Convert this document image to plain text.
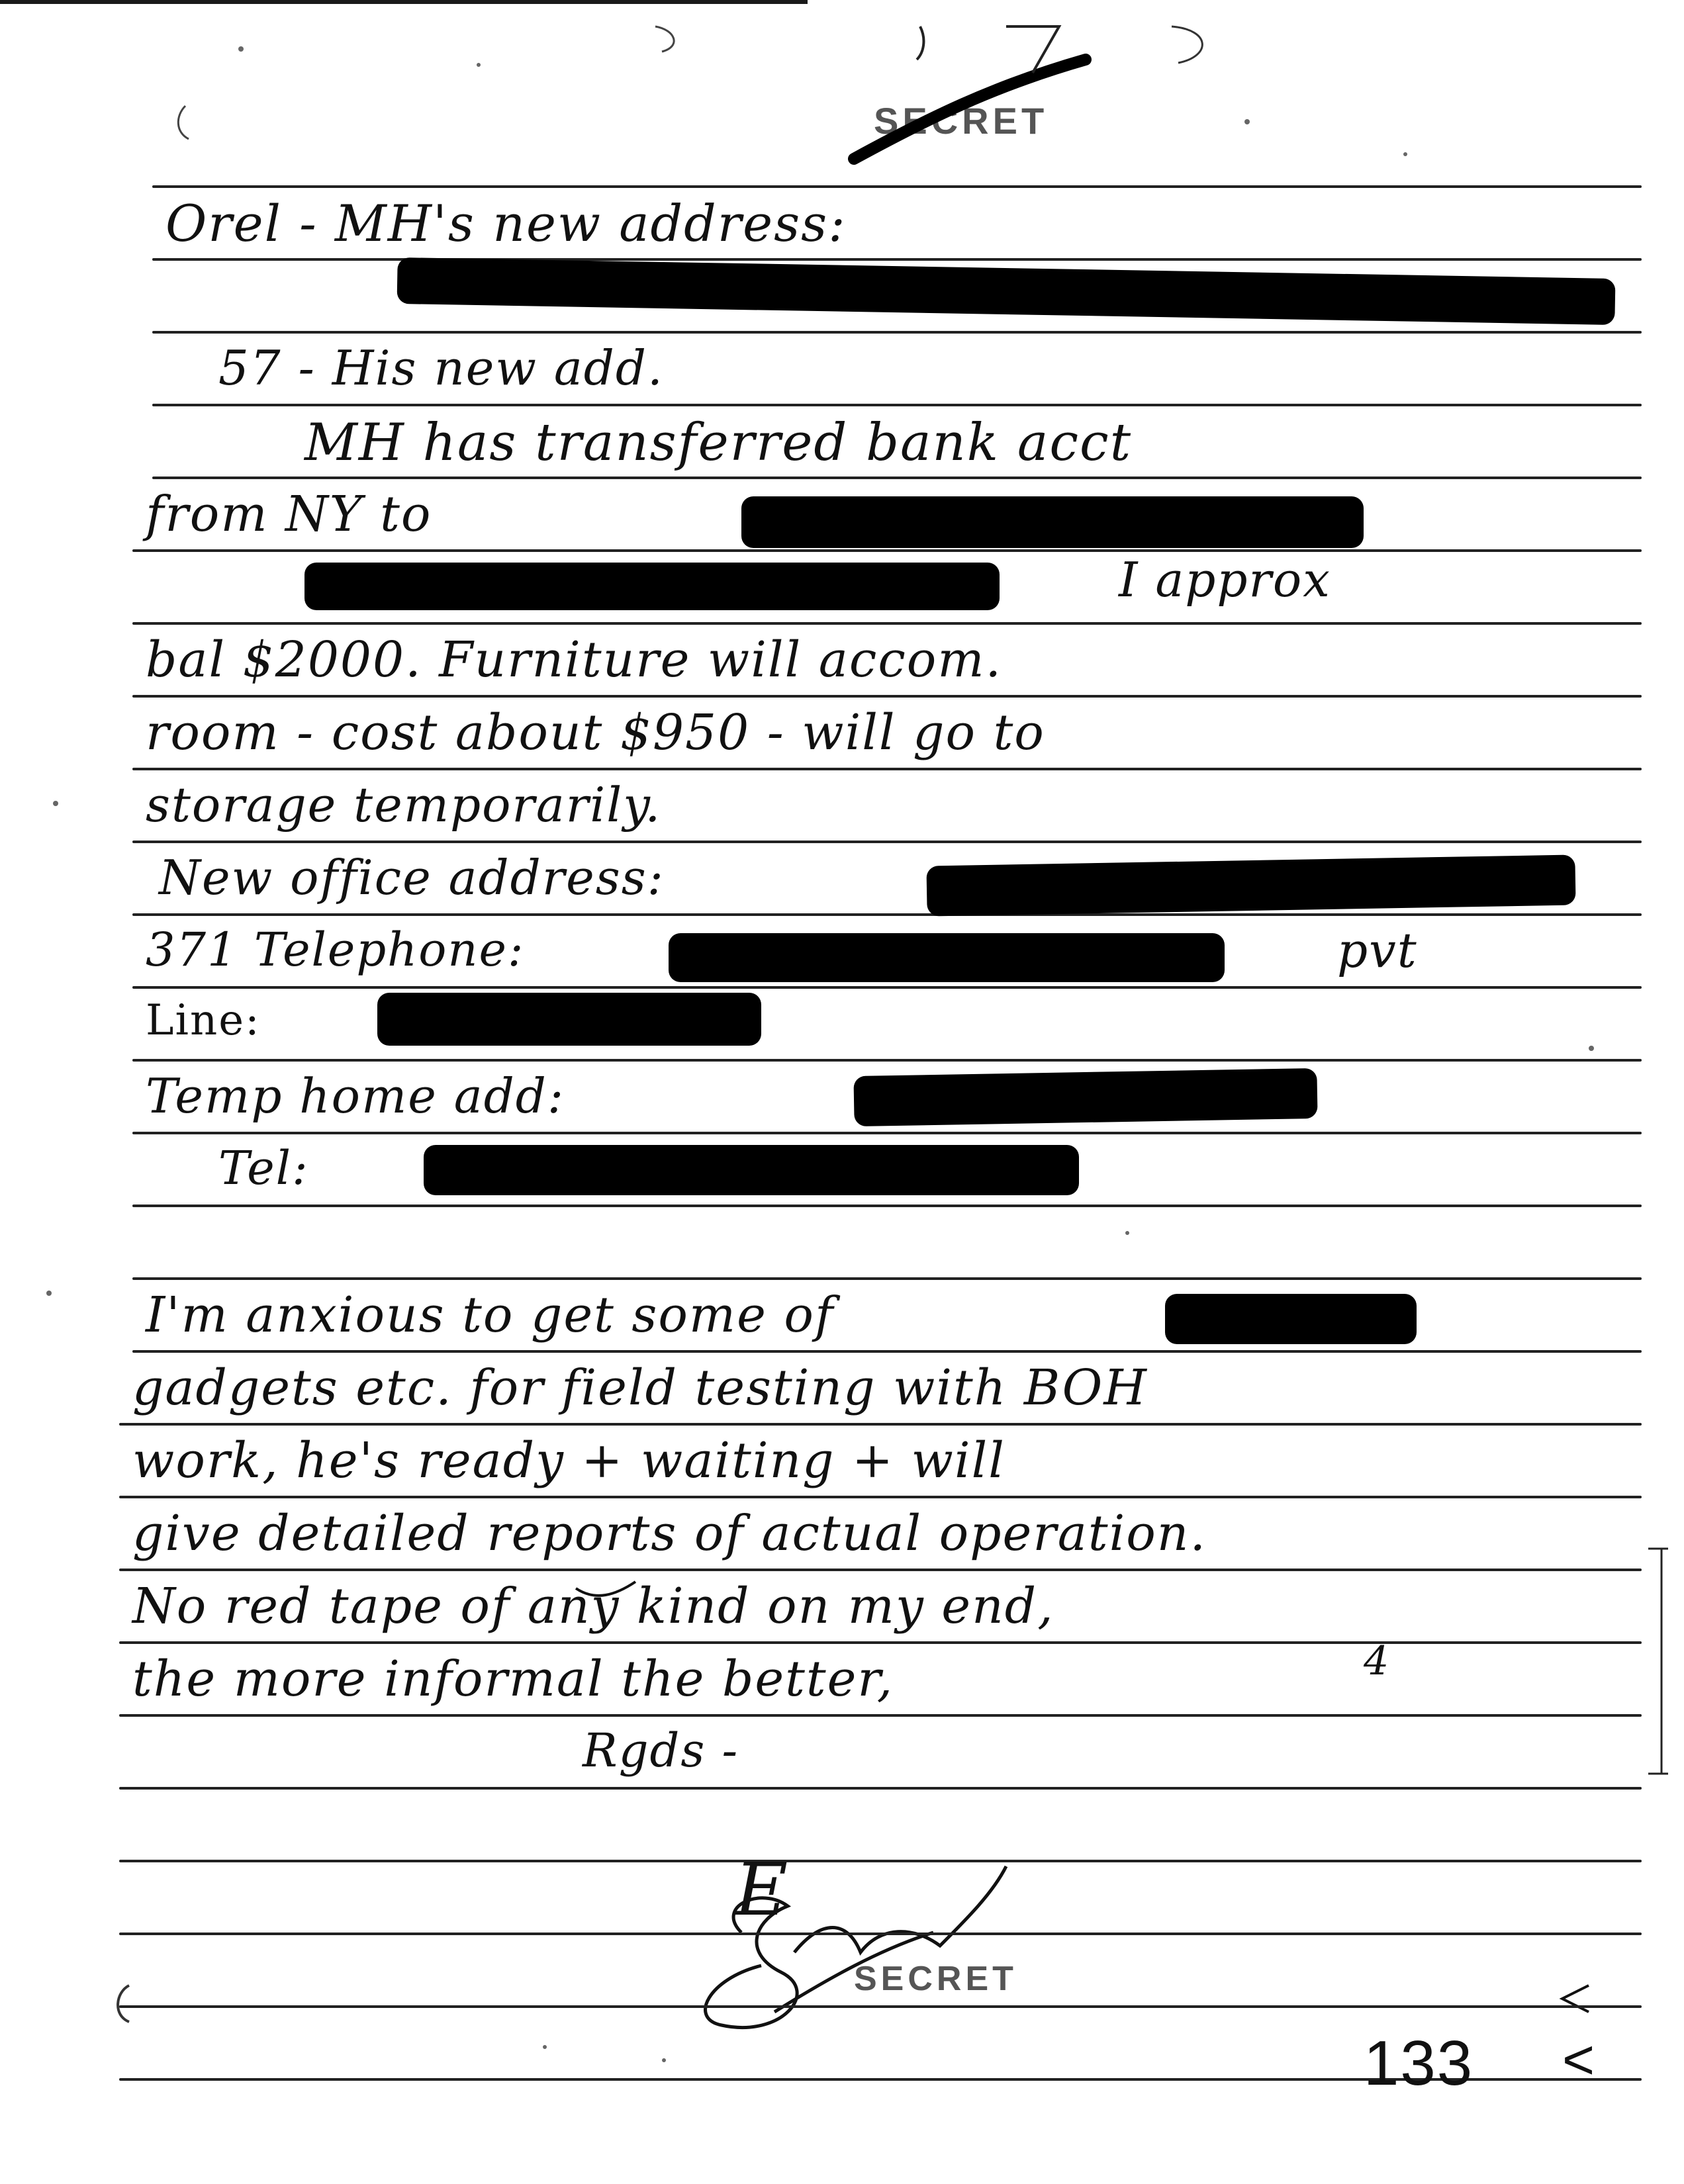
SECRET
Orel - MH's new address:
57 - His new add.
MH has transferred bank acct
from NY to
I approx
bal $2000. Furniture will accom.
room - cost about $950 - will go to
storage temporarily.
New office address:
371 Telephone:	pvt
Line:
Temp home add:
Tel:
I'm anxious to get some of
gadgets etc. for field testing with BOH
work, he's ready + waiting + will
give detailed reports of actual operation.
No red tape of any kind on my end,
the more informal the better,	4
Rgds -
E
SECRET
133 <
